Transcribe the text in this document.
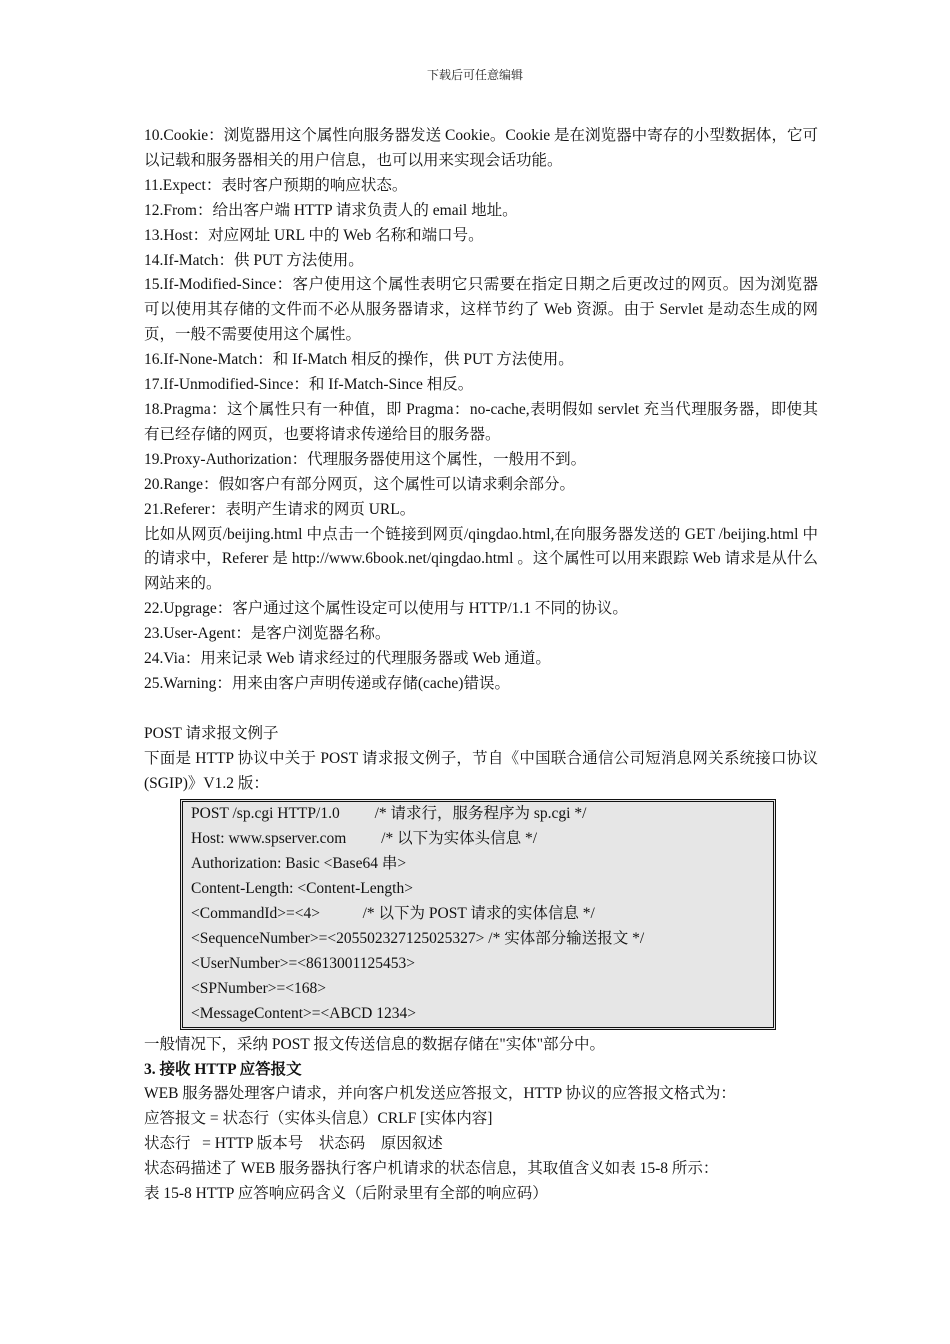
下载后可任意编辑

10.Cookie：浏览器用这个属性向服务器发送 Cookie。Cookie 是在浏览器中寄存的小型数据体，它可以记载和服务器相关的用户信息，也可以用来实现会话功能。

11.Expect：表时客户预期的响应状态。

12.From：给出客户端 HTTP 请求负责人的 email 地址。

13.Host：对应网址 URL 中的 Web 名称和端口号。

14.If-Match：供 PUT 方法使用。

15.If-Modified-Since：客户使用这个属性表明它只需要在指定日期之后更改过的网页。因为浏览器可以使用其存储的文件而不必从服务器请求，这样节约了 Web 资源。由于 Servlet 是动态生成的网页，一般不需要使用这个属性。

16.If-None-Match：和 If-Match 相反的操作，供 PUT 方法使用。

17.If-Unmodified-Since：和 If-Match-Since 相反。

18.Pragma：这个属性只有一种值，即 Pragma：no-cache,表明假如 servlet 充当代理服务器，即使其有已经存储的网页，也要将请求传递给目的服务器。

19.Proxy-Authorization：代理服务器使用这个属性，一般用不到。

20.Range：假如客户有部分网页，这个属性可以请求剩余部分。

21.Referer：表明产生请求的网页 URL。

比如从网页/beijing.html 中点击一个链接到网页/qingdao.html,在向服务器发送的 GET /beijing.html 中的请求中，Referer 是 http://www.6book.net/qingdao.html 。这个属性可以用来跟踪 Web 请求是从什么网站来的。

22.Upgrage：客户通过这个属性设定可以使用与 HTTP/1.1 不同的协议。

23.User-Agent：是客户浏览器名称。

24.Via：用来记录 Web 请求经过的代理服务器或 Web 通道。

25.Warning：用来由客户声明传递或存储(cache)错误。

POST 请求报文例子

下面是 HTTP 协议中关于 POST 请求报文例子，节自《中国联合通信公司短消息网关系统接口协议(SGIP)》V1.2 版：

POST /sp.cgi HTTP/1.0         /* 请求行，服务程序为 sp.cgi */
Host: www.spserver.com         /* 以下为实体头信息 */
Authorization: Basic <Base64 串>
Content-Length: <Content-Length>
<CommandId>=<4>           /* 以下为 POST 请求的实体信息 */
<SequenceNumber>=<205502327125025327> /* 实体部分输送报文 */
<UserNumber>=<8613001125453>
<SPNumber>=<168>
<MessageContent>=<ABCD 1234>

一般情况下，采纳 POST 报文传送信息的数据存储在"实体"部分中。

3. 接收 HTTP 应答报文

WEB 服务器处理客户请求，并向客户机发送应答报文，HTTP 协议的应答报文格式为：

应答报文 = 状态行（实体头信息）CRLF [实体内容]

状态行   = HTTP 版本号    状态码    原因叙述

状态码描述了 WEB 服务器执行客户机请求的状态信息，其取值含义如表 15-8 所示：

表 15-8 HTTP 应答响应码含义（后附录里有全部的响应码）
